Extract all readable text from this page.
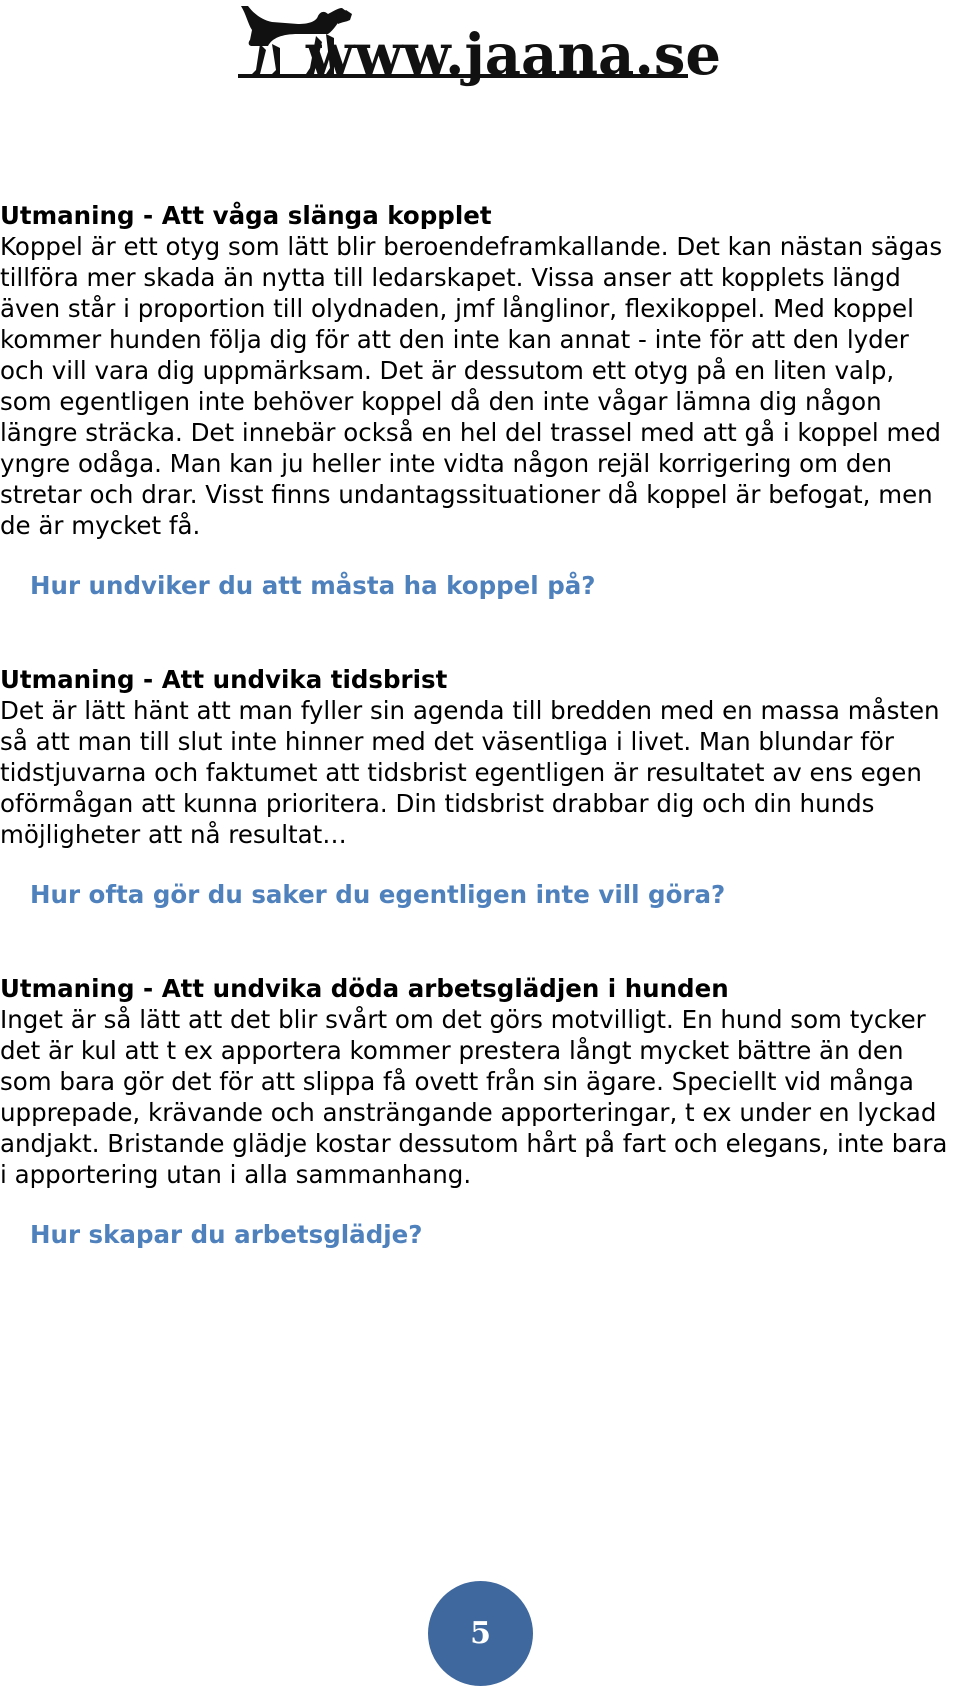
www.jaana.se

Utmaning - Att våga slänga kopplet

Koppel är ett otyg som lätt blir beroendeframkallande. Det kan nästan sägas tillföra mer skada än nytta till ledarskapet. Vissa anser att kopplets längd även står i proportion till olydnaden, jmf långlinor, flexikoppel. Med koppel kommer hunden följa dig för att den inte kan annat - inte för att den lyder och vill vara dig uppmärksam. Det är dessutom ett otyg på en liten valp, som egentligen inte behöver koppel då den inte vågar lämna dig någon längre sträcka. Det innebär också en hel del trassel med att gå i koppel med yngre odåga. Man kan ju heller inte vidta någon rejäl korrigering om den stretar och drar. Visst finns undantagssituationer då koppel är befogat, men de är mycket få.

Hur undviker du att måsta ha koppel på?

Utmaning - Att undvika tidsbrist

Det är lätt hänt att man fyller sin agenda till bredden med en massa måsten så att man till slut inte hinner med det väsentliga i livet. Man blundar för tidstjuvarna och faktumet att tidsbrist egentligen är resultatet av ens egen oförmågan att kunna prioritera. Din tidsbrist drabbar dig och din hunds möjligheter att nå resultat…

Hur ofta gör du saker du egentligen inte vill göra?

Utmaning - Att undvika döda arbetsglädjen i hunden

Inget är så lätt att det blir svårt om det görs motvilligt. En hund som tycker det är kul att t ex apportera kommer prestera långt mycket bättre än den som bara gör det för att slippa få ovett från sin ägare. Speciellt vid många upprepade, krävande och ansträngande apporteringar, t ex under en lyckad andjakt. Bristande glädje kostar dessutom hårt på fart och elegans, inte bara i apportering utan i alla sammanhang.

Hur skapar du arbetsglädje?

5
